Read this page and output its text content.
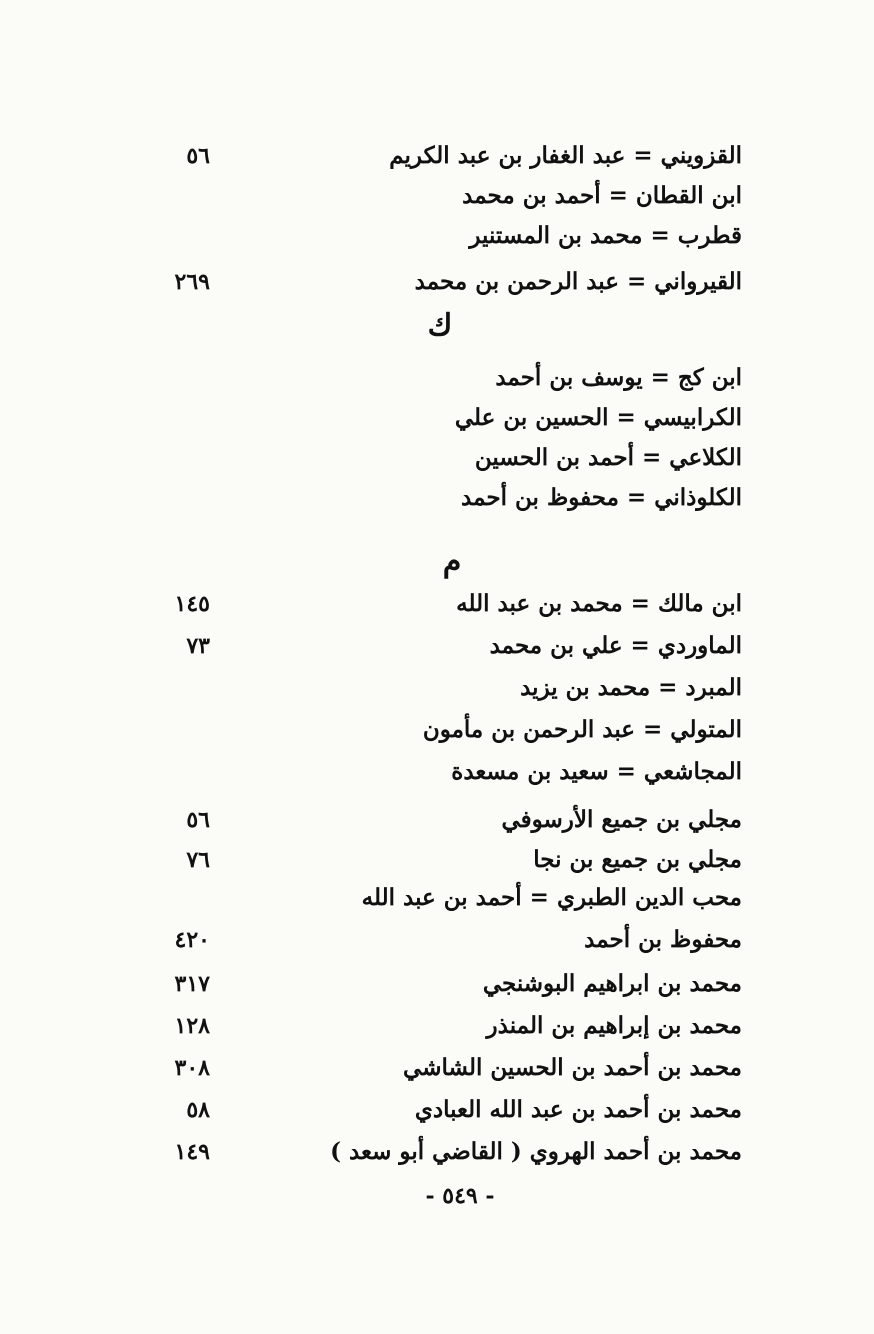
القزويني = عبد الغفار بن عبد الكريم
٥٦
ابن القطان = أحمد بن محمد
قطرب = محمد بن المستنير
القيرواني = عبد الرحمن بن محمد
٢٦٩
ك
ابن كج = يوسف بن أحمد
الكرابيسي = الحسين بن علي
الكلاعي = أحمد بن الحسين
الكلوذاني = محفوظ بن أحمد
م
ابن مالك = محمد بن عبد الله
١٤٥
الماوردي = علي بن محمد
٧٣
المبرد = محمد بن يزيد
المتولي = عبد الرحمن بن مأمون
المجاشعي = سعيد بن مسعدة
مجلي بن جميع الأرسوفي
٥٦
مجلي بن جميع بن نجا
٧٦
محب الدين الطبري = أحمد بن عبد الله
محفوظ بن أحمد
٤٢٠
محمد بن ابراهيم البوشنجي
٣١٧
محمد بن إبراهيم بن المنذر
١٢٨
محمد بن أحمد بن الحسين الشاشي
٣٠٨
محمد بن أحمد بن عبد الله العبادي
٥٨
محمد بن أحمد الهروي ( القاضي أبو سعد )
١٤٩
- ٥٤٩ -
